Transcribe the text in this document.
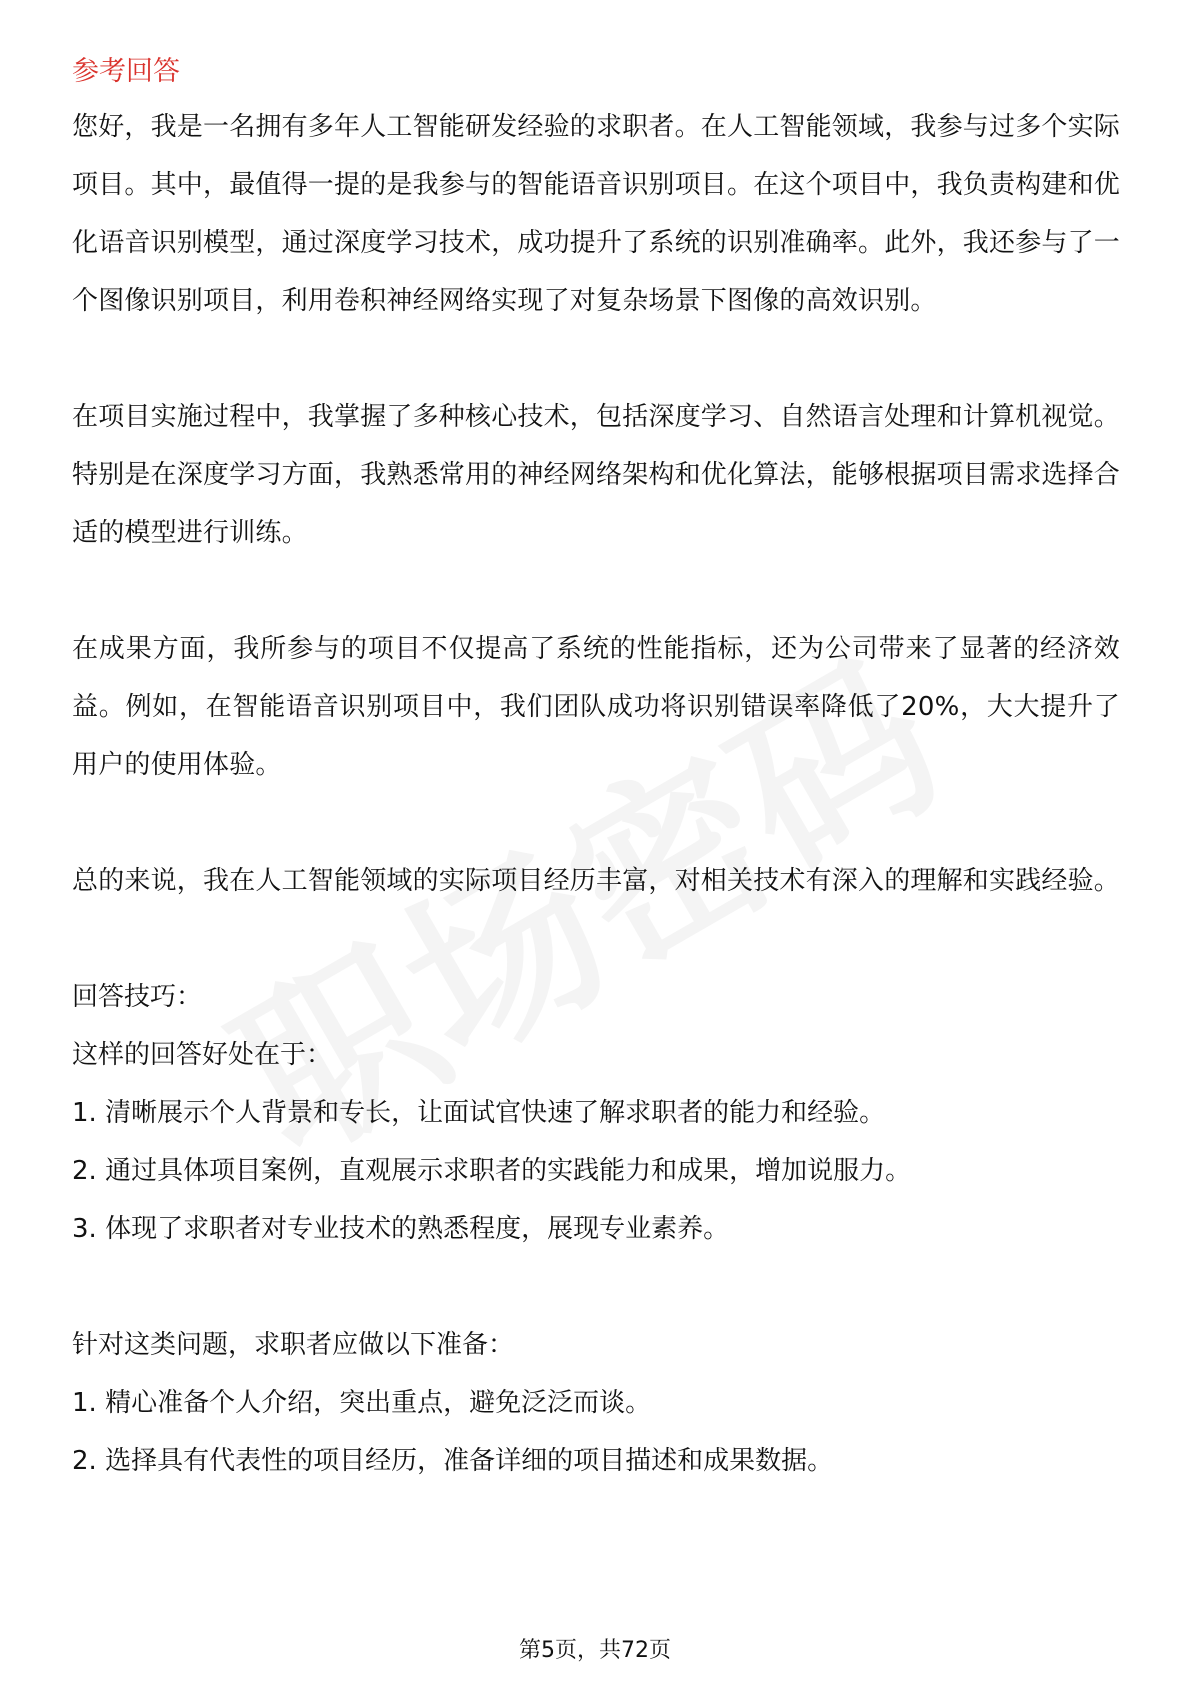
参考回答

您好，我是一名拥有多年人工智能研发经验的求职者。在人工智能领域，我参与过多个实际项目。其中，最值得一提的是我参与的智能语音识别项目。在这个项目中，我负责构建和优化语音识别模型，通过深度学习技术，成功提升了系统的识别准确率。此外，我还参与了一个图像识别项目，利用卷积神经网络实现了对复杂场景下图像的高效识别。

在项目实施过程中，我掌握了多种核心技术，包括深度学习、自然语言处理和计算机视觉。特别是在深度学习方面，我熟悉常用的神经网络架构和优化算法，能够根据项目需求选择合适的模型进行训练。

在成果方面，我所参与的项目不仅提高了系统的性能指标，还为公司带来了显著的经济效益。例如，在智能语音识别项目中，我们团队成功将识别错误率降低了20%，大大提升了用户的使用体验。

总的来说，我在人工智能领域的实际项目经历丰富，对相关技术有深入的理解和实践经验。

回答技巧：

这样的回答好处在于：

1. 清晰展示个人背景和专长，让面试官快速了解求职者的能力和经验。

2. 通过具体项目案例，直观展示求职者的实践能力和成果，增加说服力。

3. 体现了求职者对专业技术的熟悉程度，展现专业素养。

针对这类问题，求职者应做以下准备：

1. 精心准备个人介绍，突出重点，避免泛泛而谈。

2. 选择具有代表性的项目经历，准备详细的项目描述和成果数据。

第5页，共72页
